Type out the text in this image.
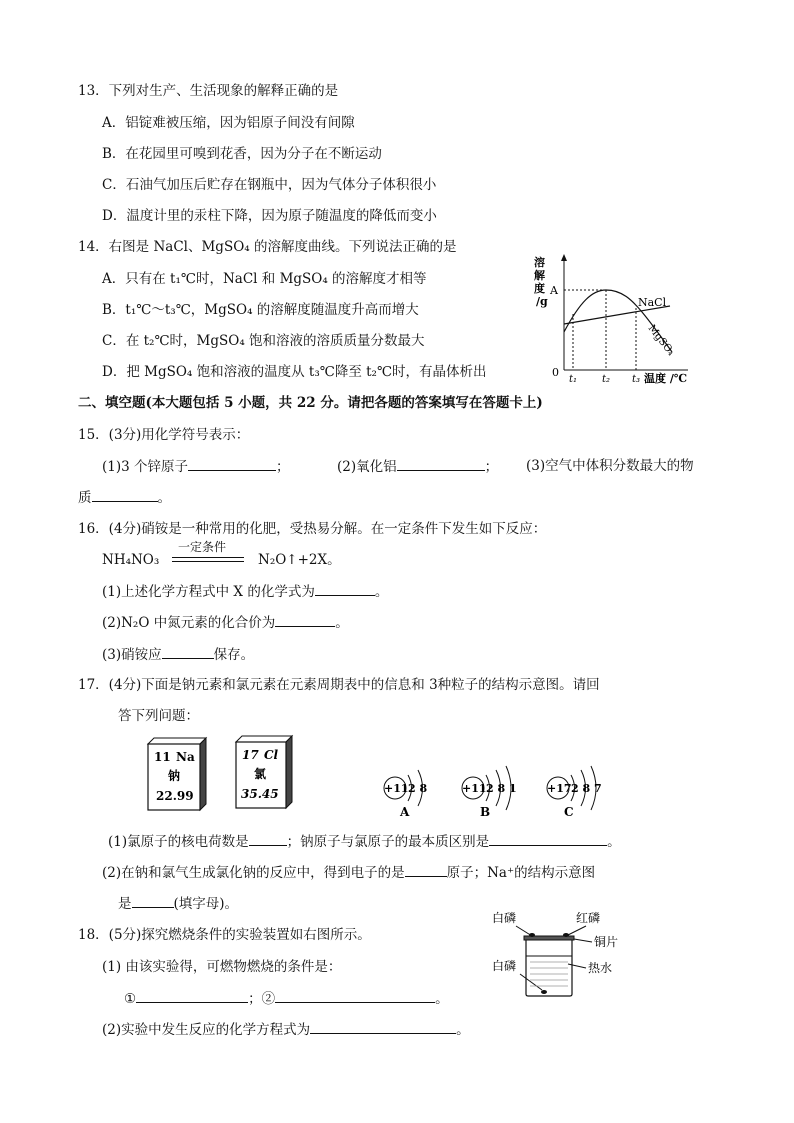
13．下列对生产、生活现象的解释正确的是
A．铝锭难被压缩，因为铝原子间没有间隙
B．在花园里可嗅到花香，因为分子在不断运动
C．石油气加压后贮存在钢瓶中，因为气体分子体积很小
D．温度计里的汞柱下降，因为原子随温度的降低而变小
14．右图是 NaCl、MgSO₄ 的溶解度曲线。下列说法正确的是
A．只有在 t₁℃时，NaCl 和 MgSO₄ 的溶解度才相等
B．t₁℃～t₃℃，MgSO₄ 的溶解度随温度升高而增大
C．在 t₂℃时，MgSO₄ 饱和溶液的溶质质量分数最大
D．把 MgSO₄ 饱和溶液的温度从 t₃℃降至 t₂℃时，有晶体析出
溶
解
度
/g
A
NaCl
MgSO₄
0
t₁ t₂ t₃ 温度 /℃
二、填空题(本大题包括 5 小题，共 22 分。请把各题的答案填写在答题卡上)
15．(3分)用化学符号表示：
(1)3 个锌原子	；	(2)氧化铝	； (3)空气中体积分数最大的物
质	。
16．(4分)硝铵是一种常用的化肥，受热易分解。在一定条件下发生如下反应：
NH₄NO₃
一定条件
N₂O↑+2X。
(1)上述化学方程式中 X 的化学式为	。
(2)N₂O 中氮元素的化合价为	。
(3)硝铵应	保存。
17．(4分)下面是钠元素和氯元素在元素周期表中的信息和 3种粒子的结构示意图。请回
答下列问题：
11 Na
钠
22.99
17 Cl
氯
35.45	+11 2 8
A
+11 2 8 1
B
+17 2 8 7
C
(1)氯原子的核电荷数是	；钠原子与氯原子的最本质区别是	。
(2)在钠和氯气生成氯化钠的反应中，得到电子的是	原子；Na⁺的结构示意图
是	(填字母)。
18．(5分)探究燃烧条件的实验装置如右图所示。
(1) 由该实验得，可燃物燃烧的条件是：
①	；②	。
(2)实验中发生反应的化学方程式为	。
白磷	红磷
铜片
白磷	热水
